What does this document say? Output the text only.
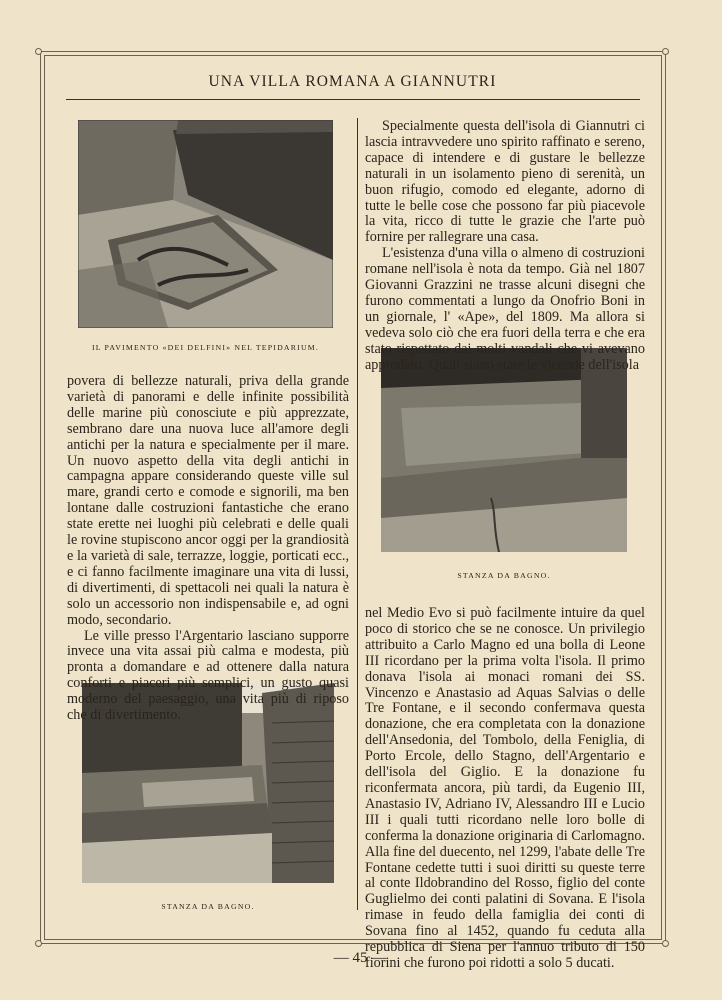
UNA VILLA ROMANA A GIANNUTRI
IL PAVIMENTO «DEI DELFINI» NEL TEPIDARIUM.
STANZA DA BAGNO.
STANZA DA BAGNO.

povera di bellezze naturali, priva della grande varietà di panorami e delle infinite possibilità delle marine più conosciute e più apprezzate, sembrano dare una nuova luce all'amore degli antichi per la natura e specialmente per il mare. Un nuovo aspetto della vita degli antichi in campagna appare considerando queste ville sul mare, grandi certo e comode e signorili, ma ben lontane dalle costruzioni fantastiche che erano state erette nei luoghi più celebrati e delle quali le rovine stupiscono ancor oggi per la grandiosità e la varietà di sale, terrazze, loggie, porticati ecc., e ci fanno facilmente imaginare una vita di lussi, di divertimenti, di spettacoli nei quali la natura è solo un accessorio non indispensabile e, ad ogni modo, secondario.

Le ville presso l'Argentario lasciano supporre invece una vita assai più calma e modesta, più pronta a domandare e ad ottenere dalla natura conforti e piaceri più semplici, un gusto quasi moderno del paesaggio, una vita più di riposo che di divertimento.

Specialmente questa dell'isola di Giannutri ci lascia intravvedere uno spirito raffinato e sereno, capace di intendere e di gustare le bellezze naturali in un isolamento pieno di serenità, un buon rifugio, comodo ed elegante, adorno di tutte le belle cose che possono far più piacevole la vita, ricco di tutte le grazie che l'arte può fornire per rallegrare una casa.

L'esistenza d'una villa o almeno di costruzioni romane nell'isola è nota da tempo. Già nel 1807 Giovanni Grazzini ne trasse alcuni disegni che furono commentati a lungo da Onofrio Boni in un giornale, l' «Ape», del 1809. Ma allora si vedeva solo ciò che era fuori della terra e che era stato rispettato dai molti vandali che vi avevano approdato. Quali siano state le vicende dell'isola

nel Medio Evo si può facilmente intuire da quel poco di storico che se ne conosce. Un privilegio attribuito a Carlo Magno ed una bolla di Leone III ricordano per la prima volta l'isola. Il primo donava l'isola ai monaci romani dei SS. Vincenzo e Anastasio ad Aquas Salvias o delle Tre Fontane, e il secondo confermava questa donazione, che era completata con la donazione dell'Ansedonia, del Tombolo, della Feniglia, di Porto Ercole, dello Stagno, dell'Argentario e dell'isola del Giglio. E la donazione fu riconfermata ancora, più tardi, da Eugenio III, Anastasio IV, Adriano IV, Alessandro III e Lucio III i quali tutti ricordano nelle loro bolle di conferma la donazione originaria di Carlomagno. Alla fine del duecento, nel 1299, l'abate delle Tre Fontane cedette tutti i suoi diritti su queste terre al conte Ildobrandino del Rosso, figlio del conte Guglielmo dei conti palatini di Sovana. E l'isola rimase in feudo della famiglia dei conti di Sovana fino al 1452, quando fu ceduta alla repubblica di Siena per l'annuo tributo di 150 fiorini che furono poi ridotti a solo 5 ducati.

— 45 —
